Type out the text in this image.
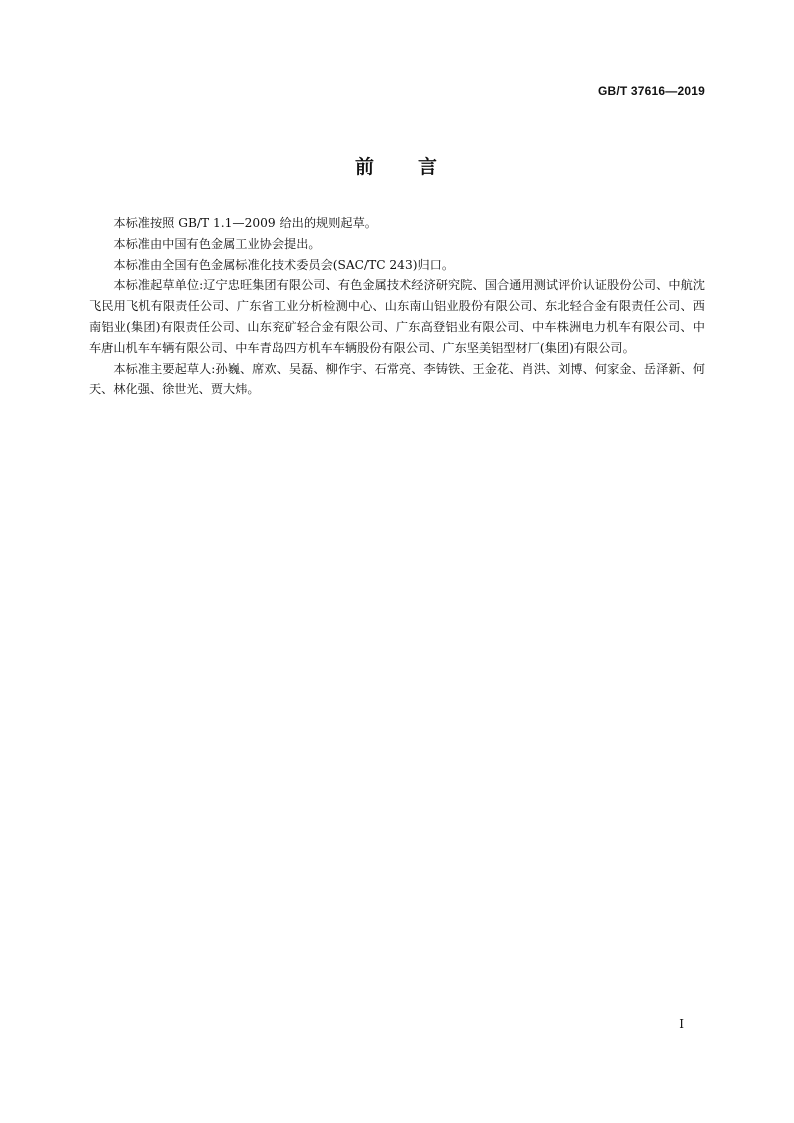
GB/T 37616—2019
前 言

本标准按照 GB/T 1.1—2009 给出的规则起草。

本标准由中国有色金属工业协会提出。

本标准由全国有色金属标准化技术委员会(SAC/TC 243)归口。

本标准起草单位:辽宁忠旺集团有限公司、有色金属技术经济研究院、国合通用测试评价认证股份公司、中航沈飞民用飞机有限责任公司、广东省工业分析检测中心、山东南山铝业股份有限公司、东北轻合金有限责任公司、西南铝业(集团)有限责任公司、山东兖矿轻合金有限公司、广东高登铝业有限公司、中车株洲电力机车有限公司、中车唐山机车车辆有限公司、中车青岛四方机车车辆股份有限公司、广东坚美铝型材厂(集团)有限公司。

本标准主要起草人:孙巍、席欢、吴磊、柳作宇、石常亮、李铸铁、王金花、肖洪、刘博、何家金、岳泽新、何天、林化强、徐世光、贾大炜。

I
